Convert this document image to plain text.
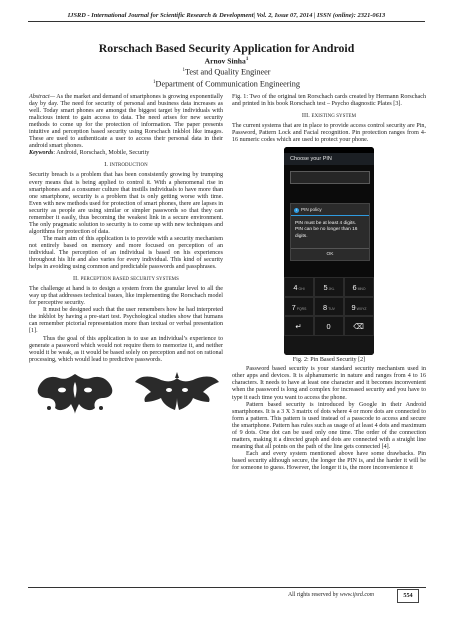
IJSRD - International Journal for Scientific Research & Development| Vol. 2, Issue 07, 2014 | ISSN (online): 2321-0613
Rorschach Based Security Application for Android
Arnov Sinha$^1$
$^1$Test and Quality Engineer
$^1$Department of Communication Engineering

Abstract— As the market and demand of smartphones is growing exponentially day by day. The need for security of personal and business data increases as well. Today smart phones are amongst the biggest target by individuals with malicious intent to gain access to data. The need arises for new security methods to come up for the protection of information. The paper presents intuitive and perception based security using Rorschach inkblot like images. These are used to authenticate a user to access their personal data in their android smart phones.

Keywords: Android, Rorschach, Mobile, Security

I. INTRODUCTION

Security breach is a problem that has been consistently growing by trumping every means that is being applied to control it. With a phenomenal rise in smartphones and a consumer culture that instills individuals to have more than one smartphone, security is a problem that is only getting worse with time. Even with new methods used for protection of smart phones, there are lapses in security as people are using similar or simpler passwords so that they can remember it easily, thus becoming the weakest link in a secure environment. The only pragmatic solution to security is to come up with new techniques and algorithms for protection of data.

The main aim of this application is to provide with a security mechanism not entirely based on memory and more focused on perception of an individual. The perception of an individual is based on his experiences throughout his life and also varies for every individual. This kind of security helps in avoiding using common and predictable passwords and passphrases.

II. PERCEPTION BASED SECURITY SYSTEMS

The challenge at hand is to design a system from the granular level to all the way up that addresses technical issues, like implementing the Rorschach model for perceptive security.

It must be designed such that the user remembers how he had interpreted the inkblot by having a pre-start test. Psychological studies show that humans can remember pictorial representation more than textual or verbal presentation [1].

Thus the goal of this application is to use an individual’s experience to generate a password which would not require them to memorize it, and neither would it be weak, as it would be based solely on perception and not on rational processing, which would lead to predictive passwords.

Fig. 1: Two of the original ten Rorschach cards created by Hermann Rorschach and printed in his book Rorschach test – Psycho diagnostic Plates [3].

III. EXISTING SYSTEM

The current systems that are in place to provide access control security are Pin, Password, Pattern Lock and Facial recognition. Pin protection ranges from 4-16 numeric codes which are used to protect your phone.

Choose your PIN
i PIN policy
PIN must be at least 4 digits. PIN can be no longer than 16 digits.
OK
4GHI	5JKL	6MNO
7PQRS	8TUV	9WXYZ
↵	0	⌫

Fig. 2: Pin Based Security [2]

Password based security is your standard security mechanism used in other apps and devices. It is alphanumeric in nature and ranges from 4 to 16 characters. It needs to have at least one character and it becomes inconvenient when the password is long and complex for increased security and you have to type it each time you want to access the phone.

Pattern based security is introduced by Google in their Android smartphones. It is a 3 X 3 matrix of dots where 4 or more dots are connected to form a pattern. This pattern is used instead of a passcode to access and secure the smartphone. Pattern has rules such as usage of at least 4 dots and maximum of 9 dots. One dot can be used only one time. The order of the connection matters, making it a directed graph and dots are connected with a straight line meaning that all points on the path of the line gets connected [4].

Each and every system mentioned above have some drawbacks. Pin based security although secure, the longer the PIN is, and the harder it will be for someone to guess. However, the longer it is, the more inconvenience it

All rights reserved by www.ijsrd.com	554
